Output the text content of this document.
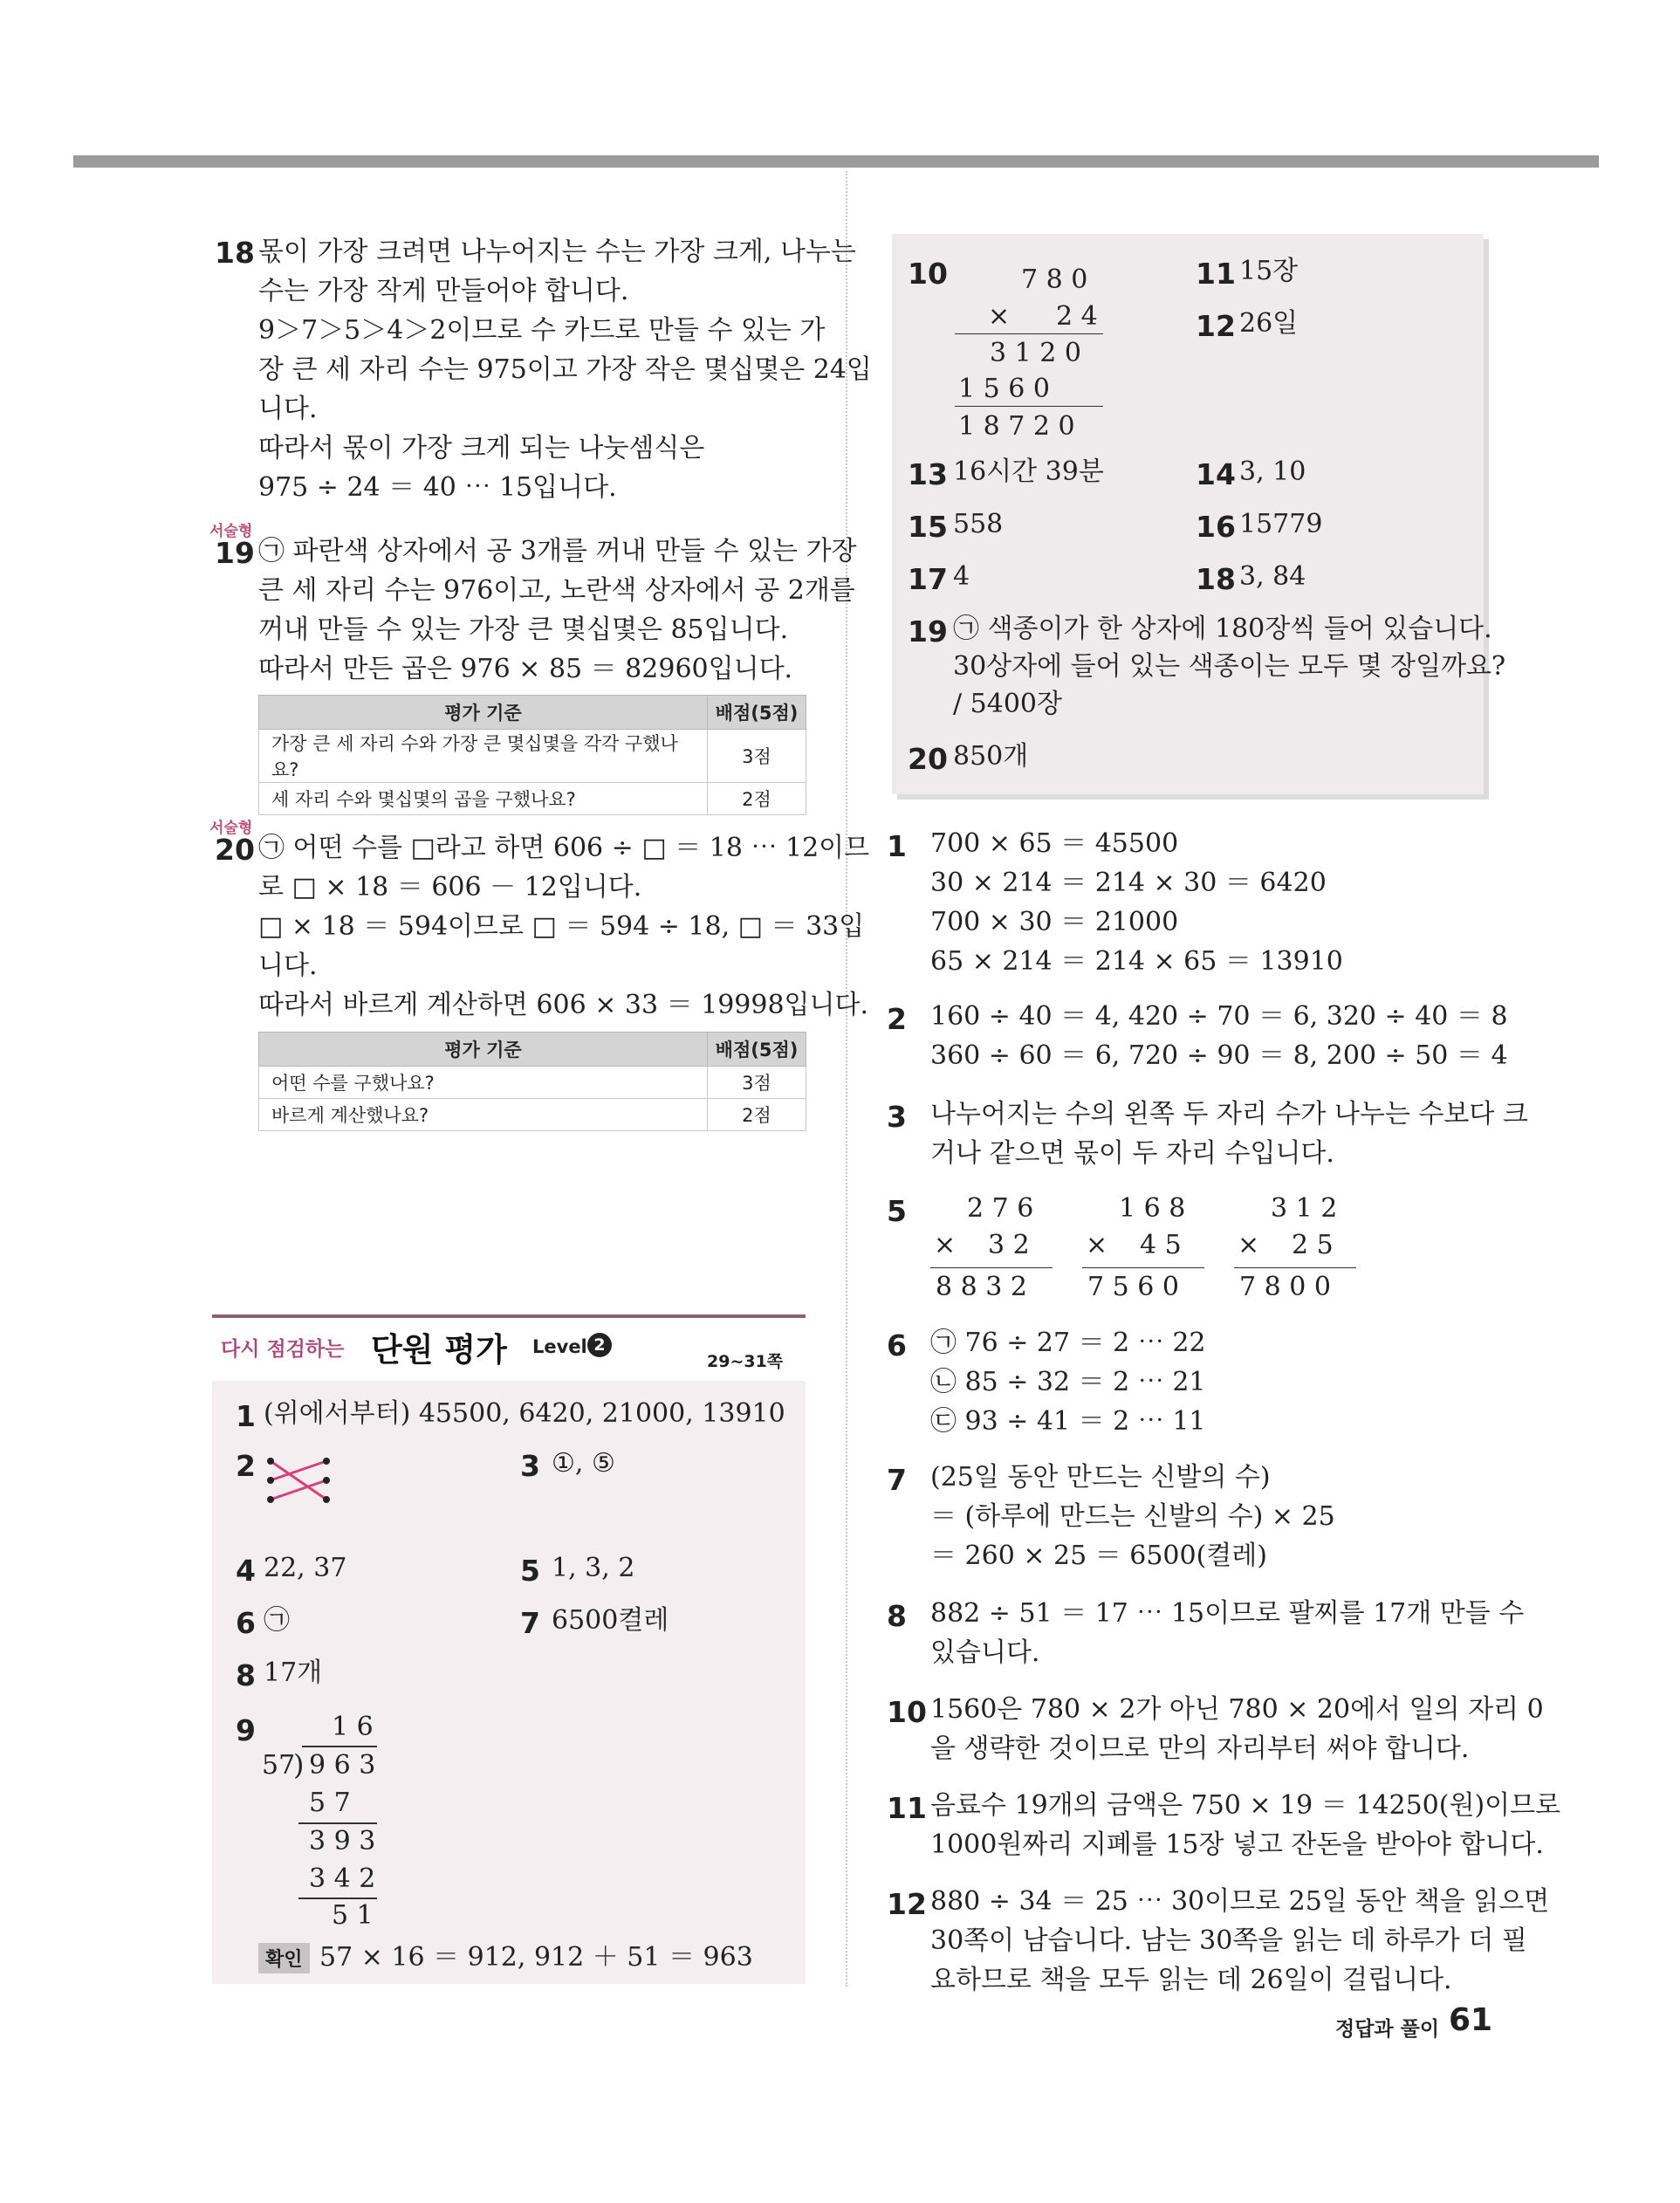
18 몫이 가장 크려면 나누어지는 수는 가장 크게, 나누는
수는 가장 작게 만들어야 합니다.
9＞7＞5＞4＞2이므로 수 카드로 만들 수 있는 가
장 큰 세 자리 수는 975이고 가장 작은 몇십몇은 24입
니다.
따라서 몫이 가장 크게 되는 나눗셈식은
975 ÷ 24 ＝ 40 ⋯ 15입니다.
서술형
19 ㉠ 파란색 상자에서 공 3개를 꺼내 만들 수 있는 가장
큰 세 자리 수는 976이고, 노란색 상자에서 공 2개를
꺼내 만들 수 있는 가장 큰 몇십몇은 85입니다.
따라서 만든 곱은 976 × 85 ＝ 82960입니다.
평가 기준	배점(5점)
가장 큰 세 자리 수와 가장 큰 몇십몇을 각각 구했나요?	3점
세 자리 수와 몇십몇의 곱을 구했나요?	2점
서술형
20 ㉠ 어떤 수를 □라고 하면 606 ÷ □ ＝ 18 ⋯ 12이므
로 □ × 18 ＝ 606 － 12입니다.
□ × 18 ＝ 594이므로 □ ＝ 594 ÷ 18, □ ＝ 33입
니다.
따라서 바르게 계산하면 606 × 33 ＝ 19998입니다.
평가 기준	배점(5점)
어떤 수를 구했나요?	3점
바르게 계산했나요?	2점
다시 점검하는 단원 평가 Level 2
29~31쪽
1 (위에서부터) 45500, 6420, 21000, 13910
2	3 ①, ⑤
4 22, 37	5 1, 3, 2
6 ㉠	7 6500켤레
8 17개
9	1 6
57
) 9 6 3
5 7
3 9 3
3 4 2
5 1
확인 57 × 16 ＝ 912, 912 ＋ 51 ＝ 963
10	7 8 0
× 2 4
3 1 2 0
1 5 6 0
1 8 7 2 0
11 15장
12 26일
13 16시간 39분	14 3, 10
15 558	16 15779
17 4	18 3, 84
19 ㉠ 색종이가 한 상자에 180장씩 들어 있습니다.
30상자에 들어 있는 색종이는 모두 몇 장일까요?
/ 5400장
20 850개
1 700 × 65 ＝ 45500
30 × 214 ＝ 214 × 30 ＝ 6420
700 × 30 ＝ 21000
65 × 214 ＝ 214 × 65 ＝ 13910
2 160 ÷ 40 ＝ 4, 420 ÷ 70 ＝ 6, 320 ÷ 40 ＝ 8
360 ÷ 60 ＝ 6, 720 ÷ 90 ＝ 8, 200 ÷ 50 ＝ 4
3 나누어지는 수의 왼쪽 두 자리 수가 나누는 수보다 크
거나 같으면 몫이 두 자리 수입니다.
5 2 7 6
× 3 2
8 8 3 2
1 6 8
× 4 5
7 5 6 0
3 1 2
× 2 5
7 8 0 0
6 ㉠ 76 ÷ 27 ＝ 2 ⋯ 22
㉡ 85 ÷ 32 ＝ 2 ⋯ 21
㉢ 93 ÷ 41 ＝ 2 ⋯ 11
7 (25일 동안 만드는 신발의 수)
＝ (하루에 만드는 신발의 수) × 25
＝ 260 × 25 ＝ 6500(켤레)
8 882 ÷ 51 ＝ 17 ⋯ 15이므로 팔찌를 17개 만들 수
있습니다.
10 1560은 780 × 2가 아닌 780 × 20에서 일의 자리 0
을 생략한 것이므로 만의 자리부터 써야 합니다.
11 음료수 19개의 금액은 750 × 19 ＝ 14250(원)이므로
1000원짜리 지폐를 15장 넣고 잔돈을 받아야 합니다.
12 880 ÷ 34 ＝ 25 ⋯ 30이므로 25일 동안 책을 읽으면
30쪽이 남습니다. 남는 30쪽을 읽는 데 하루가 더 필
요하므로 책을 모두 읽는 데 26일이 걸립니다.
정답과 풀이 61
